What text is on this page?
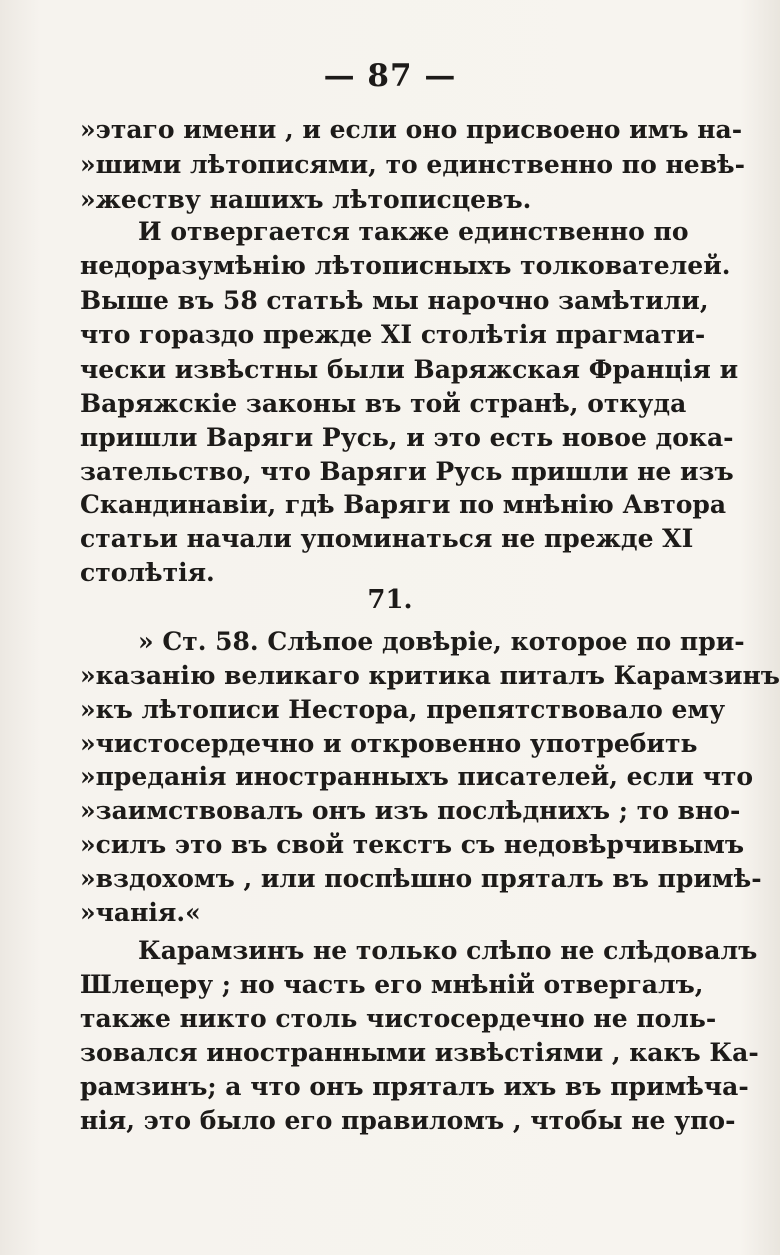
— 87 —
»этаго имени , и если оно присвоено имъ на-
»шими лѣтописями, то единственно по невѣ-
»жеству нашихъ лѣтописцевъ.
И отвергается также единственно по
недоразумѣнію лѣтописныхъ толкователей.
Выше въ 58 статьѣ мы нарочно замѣтили,
что гораздо прежде XI столѣтія прагмати-
чески извѣстны были Варяжская Франція и
Варяжскіе законы въ той странѣ, откуда
пришли Варяги Русь, и это есть новое дока-
зательство, что Варяги Русь пришли не изъ
Скандинавіи, гдѣ Варяги по мнѣнію Автора
статьи начали упоминаться не прежде XI
столѣтія.
71.
» Ст. 58. Слѣпое довѣріе, которое по при-
»казанію великаго критика питалъ Карамзинъ
»къ лѣтописи Нестора, препятствовало ему
»чистосердечно и откровенно употребить
»преданія иностранныхъ писателей, если что
»заимствовалъ онъ изъ послѣднихъ ; то вно-
»силъ это въ свой текстъ съ недовѣрчивымъ
»вздохомъ , или поспѣшно пряталъ въ примѣ-
»чанія.«
Карамзинъ не только слѣпо не слѣдовалъ
Шлецеру ; но часть его мнѣній отвергалъ,
также никто столь чистосердечно не поль-
зовался иностранными извѣстіями , какъ Ка-
рамзинъ; а что онъ пряталъ ихъ въ примѣча-
нія, это было его правиломъ , чтобы не упо-
